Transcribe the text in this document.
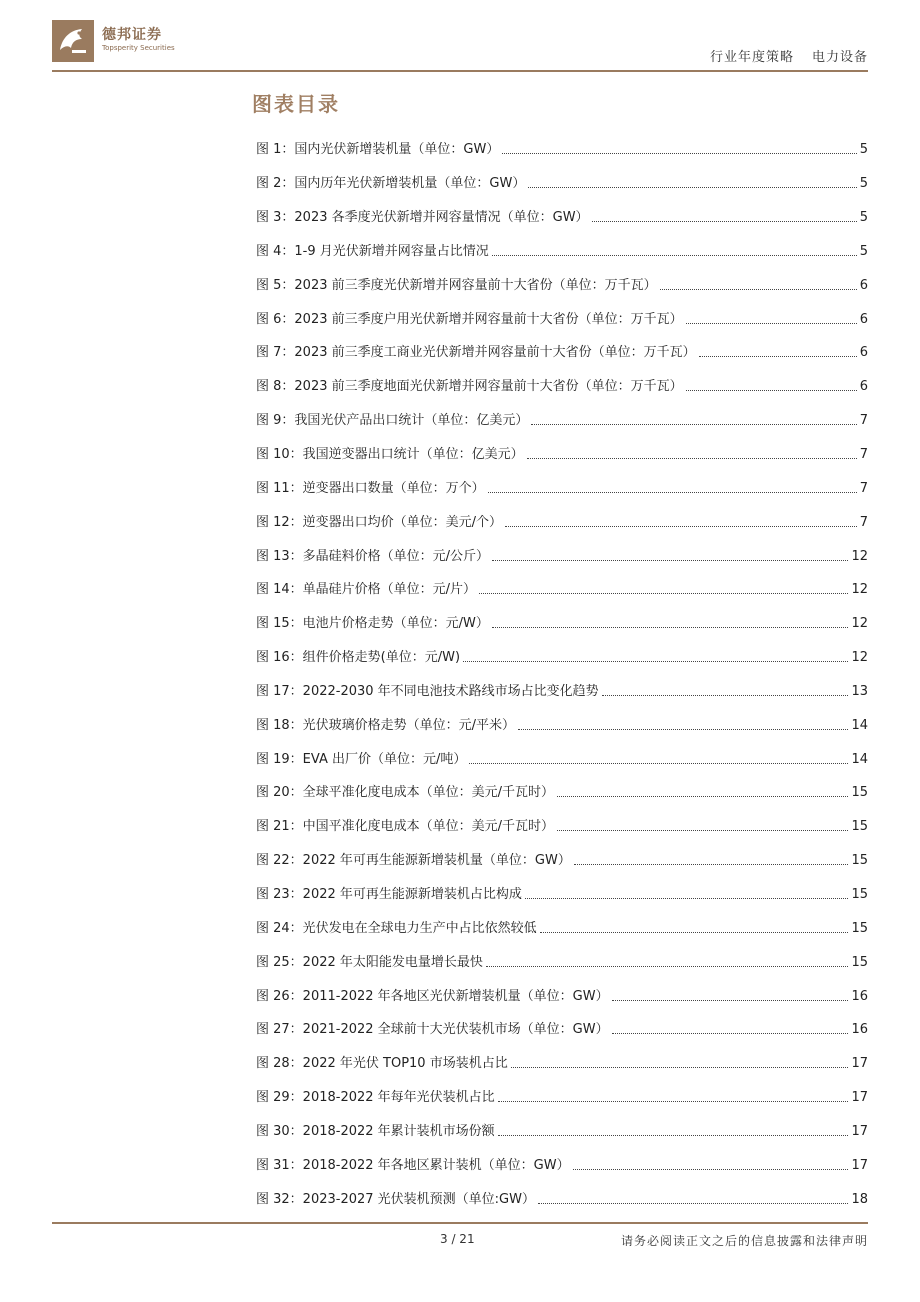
德邦证券
Topsperity Securities
行业年度策略 电力设备
图表目录
图 1：国内光伏新增装机量（单位：GW）	5
图 2：国内历年光伏新增装机量（单位：GW）	5
图 3：2023 各季度光伏新增并网容量情况（单位：GW）	5
图 4：1-9 月光伏新增并网容量占比情况	5
图 5：2023 前三季度光伏新增并网容量前十大省份（单位：万千瓦）	6
图 6：2023 前三季度户用光伏新增并网容量前十大省份（单位：万千瓦）	6
图 7：2023 前三季度工商业光伏新增并网容量前十大省份（单位：万千瓦）	6
图 8：2023 前三季度地面光伏新增并网容量前十大省份（单位：万千瓦）	6
图 9：我国光伏产品出口统计（单位：亿美元）	7
图 10：我国逆变器出口统计（单位：亿美元）	7
图 11：逆变器出口数量（单位：万个）	7
图 12：逆变器出口均价（单位：美元/个）	7
图 13：多晶硅料价格（单位：元/公斤）	12
图 14：单晶硅片价格（单位：元/片）	12
图 15：电池片价格走势（单位：元/W）	12
图 16：组件价格走势(单位：元/W)	12
图 17：2022-2030 年不同电池技术路线市场占比变化趋势	13
图 18：光伏玻璃价格走势（单位：元/平米）	14
图 19：EVA 出厂价（单位：元/吨）	14
图 20：全球平准化度电成本（单位：美元/千瓦时）	15
图 21：中国平准化度电成本（单位：美元/千瓦时）	15
图 22：2022 年可再生能源新增装机量（单位：GW）	15
图 23：2022 年可再生能源新增装机占比构成	15
图 24：光伏发电在全球电力生产中占比依然较低	15
图 25：2022 年太阳能发电量增长最快	15
图 26：2011-2022 年各地区光伏新增装机量（单位：GW）	16
图 27：2021-2022 全球前十大光伏装机市场（单位：GW）	16
图 28：2022 年光伏 TOP10 市场装机占比	17
图 29：2018-2022 年每年光伏装机占比	17
图 30：2018-2022 年累计装机市场份额	17
图 31：2018-2022 年各地区累计装机（单位：GW）	17
图 32：2023-2027 光伏装机预测（单位:GW）	18
3 / 21	请务必阅读正文之后的信息披露和法律声明
